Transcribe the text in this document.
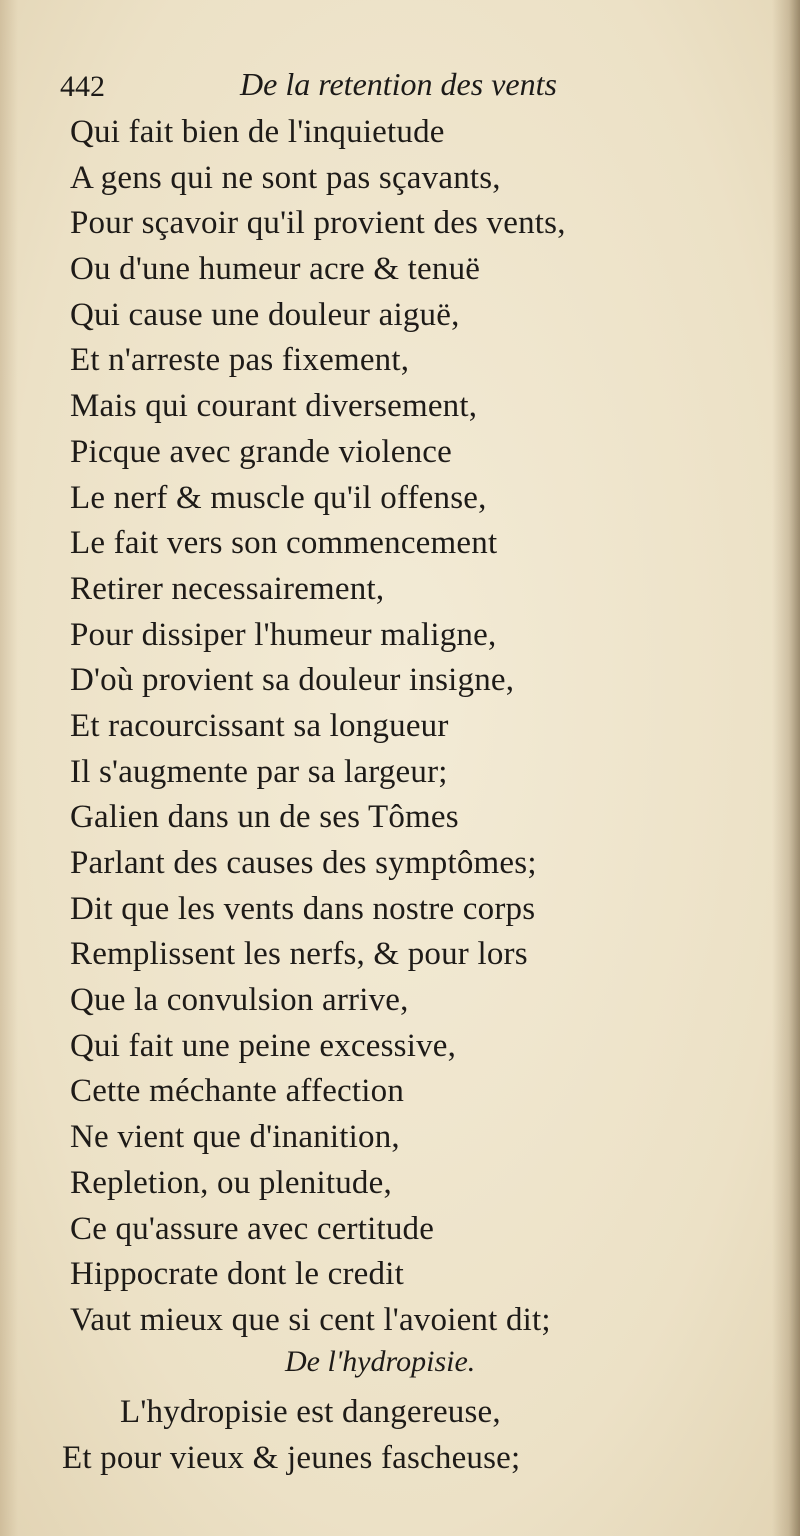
442	De la retention des vents
Qui fait bien de l'inquietude
A gens qui ne sont pas sçavants,
Pour sçavoir qu'il provient des vents,
Ou d'une humeur acre & tenuë
Qui cause une douleur aiguë,
Et n'arreste pas fixement,
Mais qui courant diversement,
Picque avec grande violence
Le nerf & muscle qu'il offense,
Le fait vers son commencement
Retirer necessairement,
Pour dissiper l'humeur maligne,
D'où provient sa douleur insigne,
Et racourcissant sa longueur
Il s'augmente par sa largeur;
Galien dans un de ses Tômes
Parlant des causes des symptômes;
Dit que les vents dans nostre corps
Remplissent les nerfs, & pour lors
Que la convulsion arrive,
Qui fait une peine excessive,
Cette méchante affection
Ne vient que d'inanition,
Repletion, ou plenitude,
Ce qu'assure avec certitude
Hippocrate dont le credit
Vaut mieux que si cent l'avoient dit;
De l'hydropisie.
L'hydropisie est dangereuse,
Et pour vieux & jeunes fascheuse;
